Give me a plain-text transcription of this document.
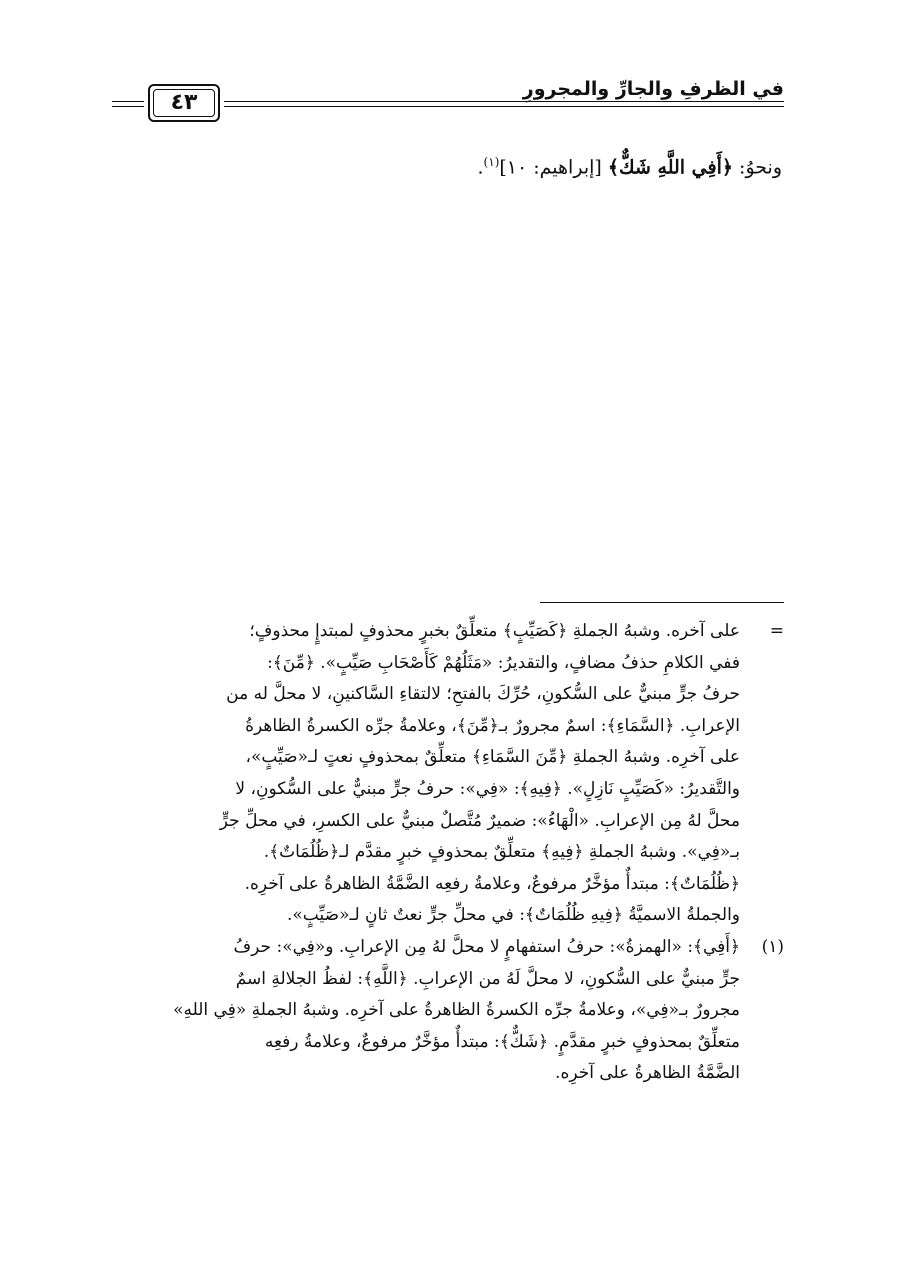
في الظرفِ والجارِّ والمجرورِ
٤٣
ونحوُ: ﴿أَفِي اللَّهِ شَكٌّ﴾ [إبراهيم: ١٠]$^{(١)}$.
=
على آخره. وشبهُ الجملةِ ﴿كَصَيِّبٍ﴾ متعلِّقٌ بخبرٍ محذوفٍ لمبتدإٍ محذوفٍ؛
ففي الكلامِ حذفُ مضافٍ، والتقديرُ: «مَثَلُهُمْ كَأَصْحَابِ صَيِّبٍ». ﴿مِّنَ﴾:
حرفُ جرٍّ مبنيٌّ على السُّكونِ، حُرِّكَ بالفتحِ؛ لالتقاءِ السَّاكنينِ، لا محلَّ له من
الإعرابِ. ﴿السَّمَاءِ﴾: اسمٌ مجرورٌ بـ﴿مِّنَ﴾، وعلامةُ جرِّه الكسرةُ الظاهرةُ
على آخرِه. وشبهُ الجملةِ ﴿مِّنَ السَّمَاءِ﴾ متعلِّقٌ بمحذوفٍ نعتٍ لـ«صَيِّبٍ»،
والتَّقديرُ: «كَصَيِّبٍ نَازِلٍ». ﴿فِيهِ﴾: «فِي»: حرفُ جرٍّ مبنيٌّ على السُّكونِ، لا
محلَّ لهُ مِن الإعرابِ. «الْهَاءُ»: ضميرٌ مُتَّصلٌ مبنيٌّ على الكسرِ، في محلِّ جرٍّ
بـ«فِي». وشبهُ الجملةِ ﴿فِيهِ﴾ متعلِّقٌ بمحذوفٍ خبرٍ مقدَّم لـ﴿ظُلُمَاتٌ﴾.
﴿ظُلُمَاتٌ﴾: مبتدأٌ مؤخَّرٌ مرفوعٌ، وعلامةُ رفعِه الضَّمَّةُ الظاهرةُ على آخرِه.
والجملةُ الاسميَّةُ ﴿فِيهِ ظُلُمَاتٌ﴾: في محلِّ جرٍّ نعتٌ ثانٍ لـ«صَيِّبٍ».
(١)
﴿أَفِي﴾: «الهمزةُ»: حرفُ استفهامٍ لا محلَّ لهُ مِن الإعرابِ. و«فِي»: حرفُ
جرٍّ مبنيٌّ على السُّكونِ، لا محلَّ لَهُ من الإعرابِ. ﴿اللَّهِ﴾: لفظُ الجلالةِ اسمٌ
مجرورٌ بـ«فِي»، وعلامةُ جرِّه الكسرةُ الظاهرةُ على آخرِه. وشبهُ الجملةِ «فِي اللهِ»
متعلِّقٌ بمحذوفٍ خبرٍ مقدَّمٍ. ﴿شَكٌّ﴾: مبتدأٌ مؤخَّرٌ مرفوعٌ، وعلامةُ رفعِه
الضَّمَّةُ الظاهرةُ على آخرِه.
